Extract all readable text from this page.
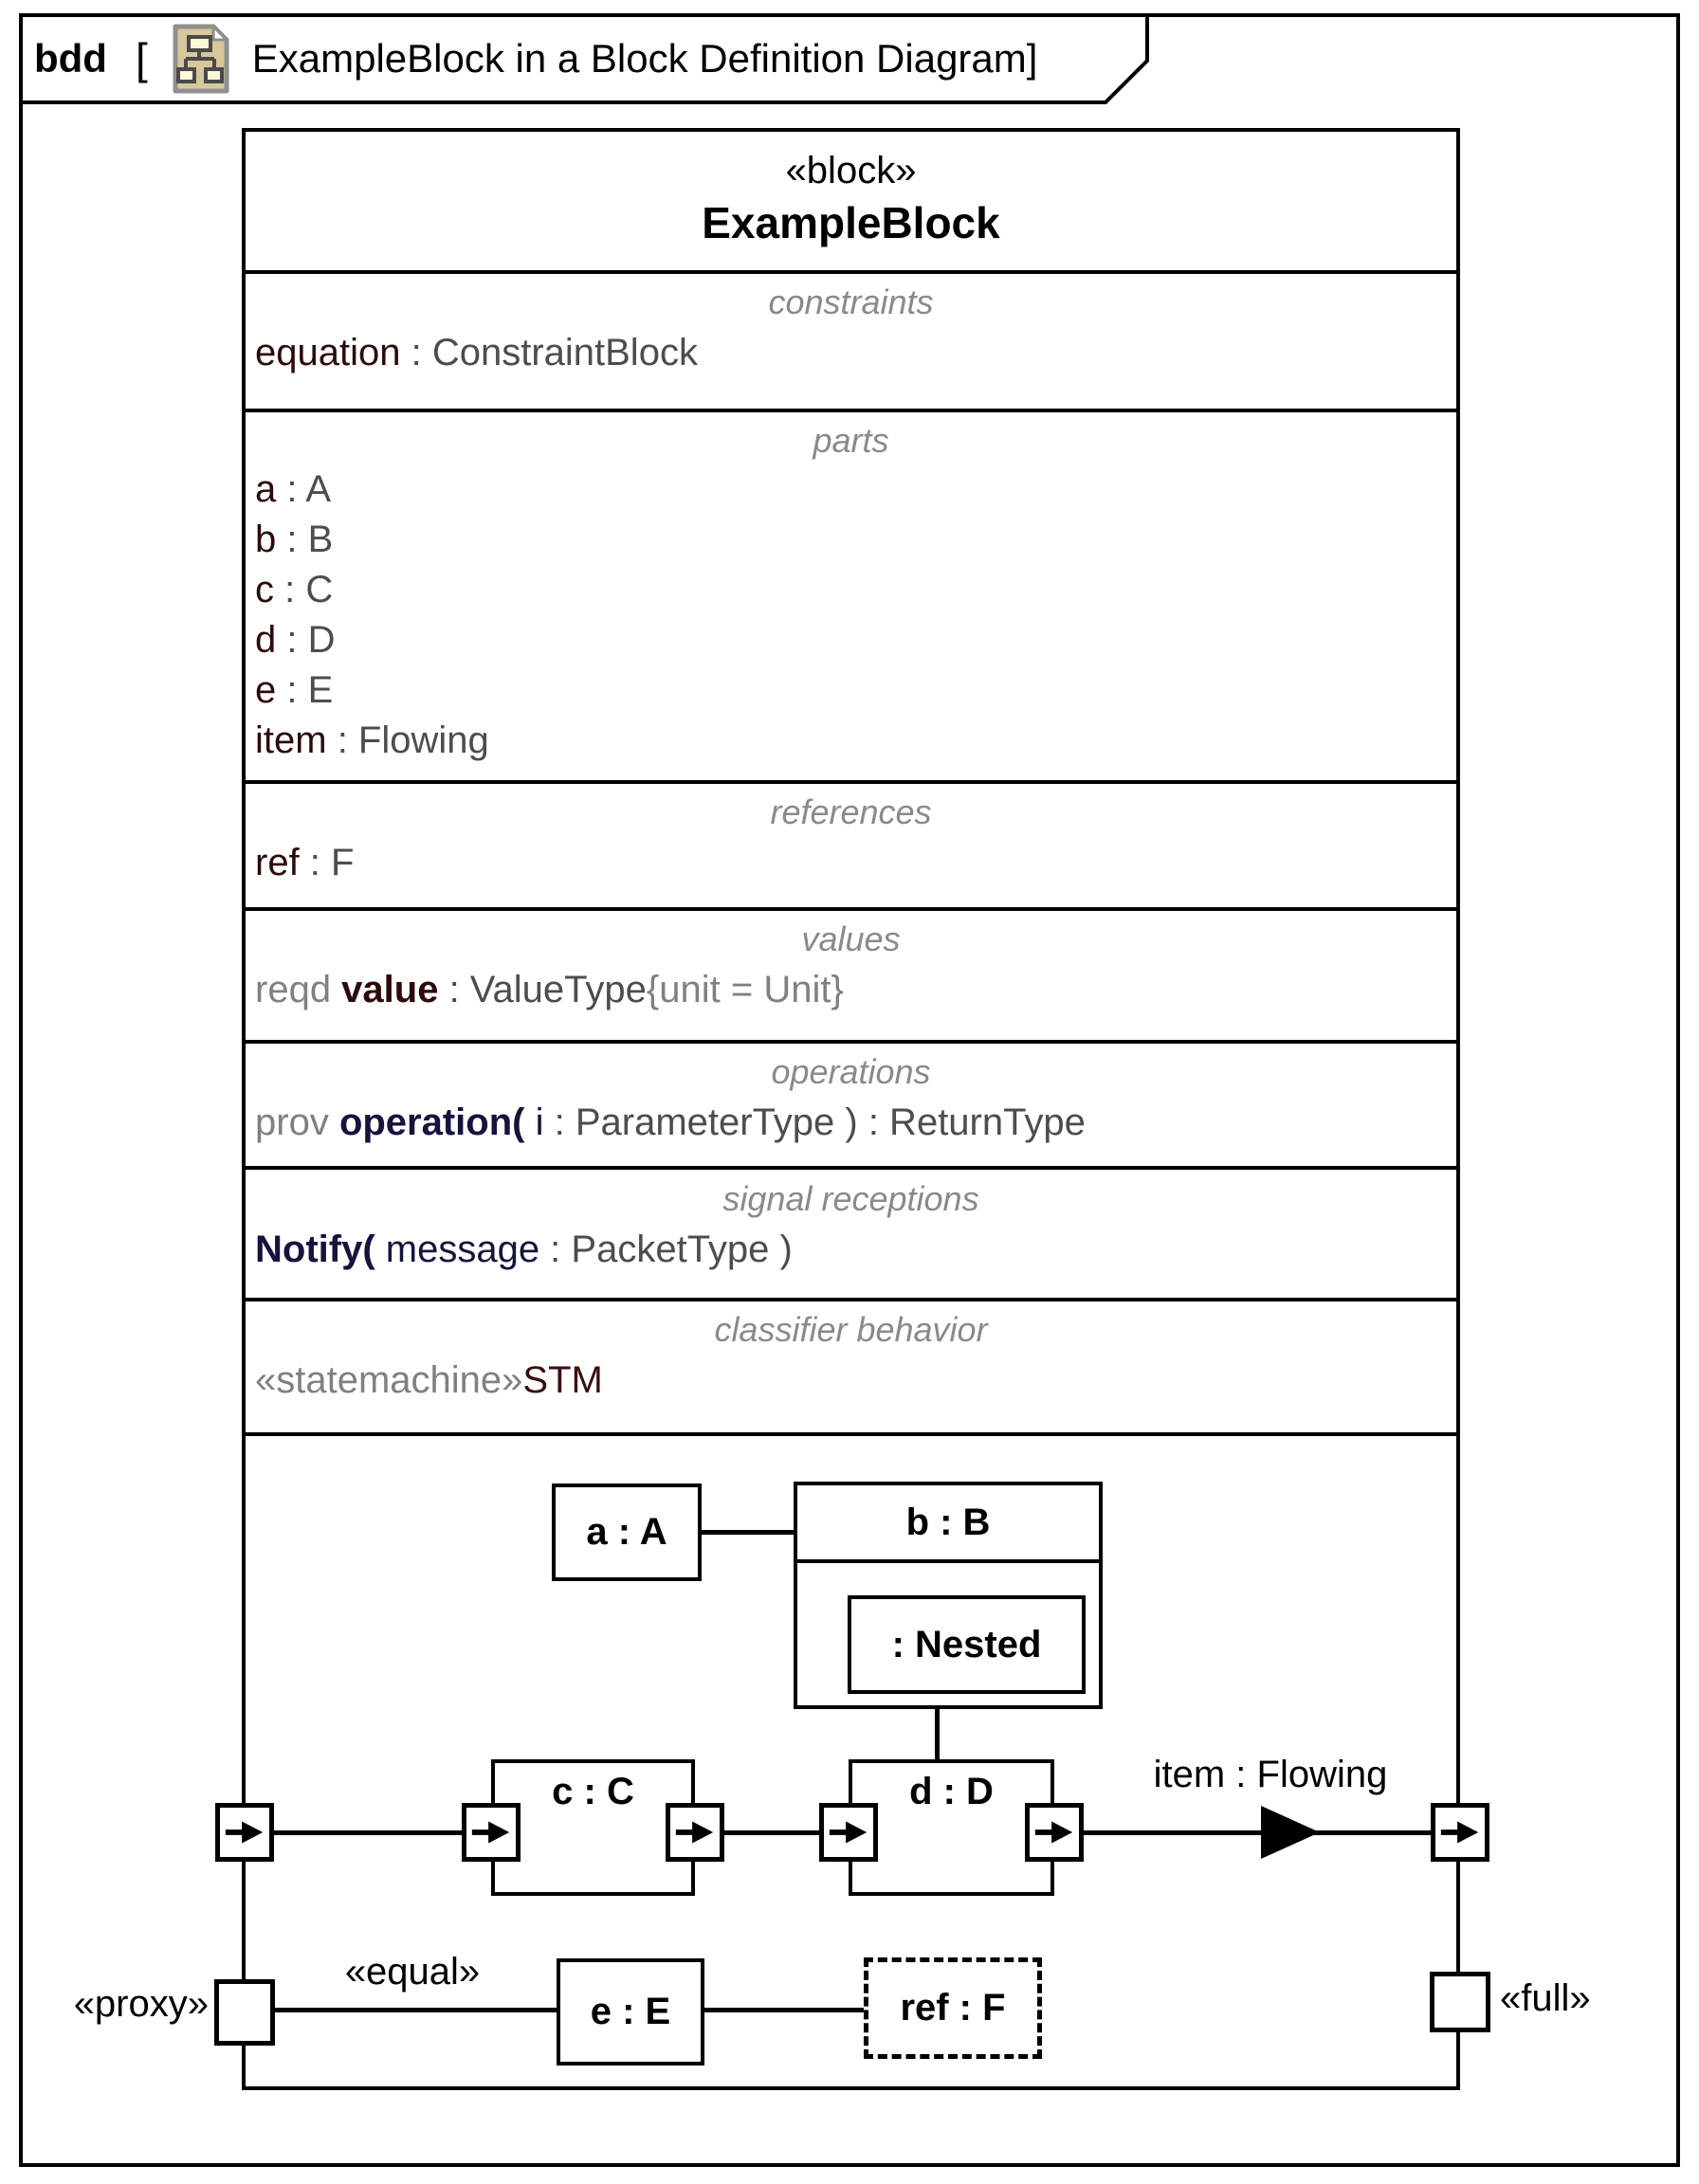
bdd [	ExampleBlock in a Block Definition Diagram]
«block»
ExampleBlock
constraints
equation : ConstraintBlock
parts
a : A
b : B
c : C
d : D
e : E
item : Flowing
references
ref : F
values
reqd value : ValueType{unit = Unit}
operations
prov operation( i : ParameterType ) : ReturnType
signal receptions
Notify( message : PacketType )
classifier behavior
«statemachine»STM
a : A	b : B
: Nested
c : C	d : D	item : Flowing
«proxy»
«equal»
e : E	ref : F	«full»
